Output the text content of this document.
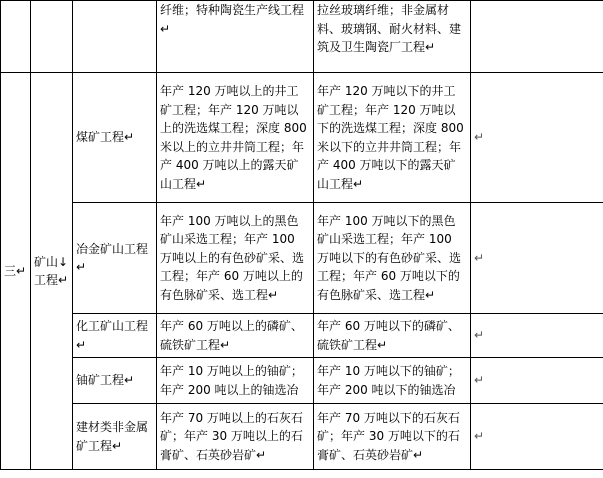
			纤维；特种陶瓷生产线工程↵	拉丝玻璃纤维；非金属材料、玻璃钢、耐火材料、建筑及卫生陶瓷厂工程↵	
三↵	矿山↓工程↵	煤矿工程↵	年产 120 万吨以上的井工矿工程；年产 120 万吨以上的洗选煤工程；深度 800 米以上的立井井筒工程；年产 400 万吨以上的露天矿山工程↵	年产 120 万吨以下的井工矿工程；年产 120 万吨以下的洗选煤工程；深度 800 米以下的立井井筒工程；年产 400 万吨以下的露天矿山工程↵	↵
		冶金矿山工程↵	年产 100 万吨以上的黑色矿山采选工程；年产 100 万吨以上的有色砂矿采、选工程；年产 60 万吨以上的有色脉矿采、选工程↵	年产 100 万吨以下的黑色矿山采选工程；年产 100 万吨以下的有色砂矿采、选工程；年产 60 万吨以下的有色脉矿采、选工程↵	↵
		化工矿山工程↵	年产 60 万吨以上的磷矿、硫铁矿工程↵	年产 60 万吨以下的磷矿、硫铁矿工程↵	↵
		铀矿工程↵	年产 10 万吨以上的铀矿；年产 200 吨以上的铀选冶	年产 10 万吨以下的铀矿；年产 200 吨以下的铀选冶	↵
		建材类非金属矿工程↵	年产 70 万吨以上的石灰石矿；年产 30 万吨以上的石膏矿、石英砂岩矿↵	年产 70 万吨以下的石灰石矿；年产 30 万吨以下的石膏矿、石英砂岩矿↵	↵
